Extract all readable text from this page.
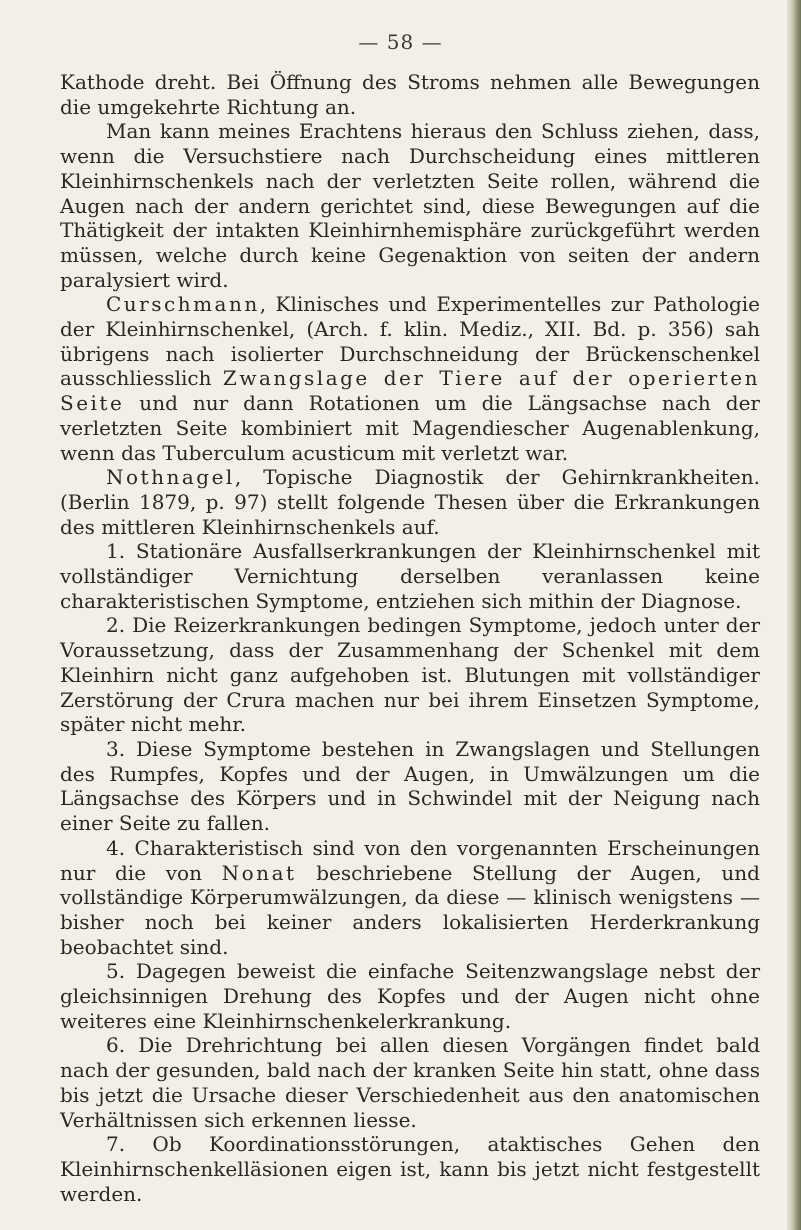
— 58 —

Kathode dreht. Bei Öffnung des Stroms nehmen alle Bewegungen die umgekehrte Richtung an.

Man kann meines Erachtens hieraus den Schluss ziehen, dass, wenn die Versuchstiere nach Durchscheidung eines mittleren Kleinhirnschenkels nach der verletzten Seite rollen, während die Augen nach der andern gerichtet sind, diese Bewegungen auf die Thätigkeit der intakten Kleinhirnhemisphäre zurückgeführt werden müssen, welche durch keine Gegenaktion von seiten der andern paralysiert wird.

Curschmann, Klinisches und Experimentelles zur Pathologie der Kleinhirnschenkel, (Arch. f. klin. Mediz., XII. Bd. p. 356) sah übrigens nach isolierter Durchschneidung der Brückenschenkel ausschliesslich Zwangslage der Tiere auf der operierten Seite und nur dann Rotationen um die Längsachse nach der verletzten Seite kombiniert mit Magendiescher Augenablenkung, wenn das Tuberculum acusticum mit verletzt war.

Nothnagel, Topische Diagnostik der Gehirnkrankheiten. (Berlin 1879, p. 97) stellt folgende Thesen über die Erkrankungen des mittleren Kleinhirnschenkels auf.

1. Stationäre Ausfallserkrankungen der Kleinhirnschenkel mit vollständiger Vernichtung derselben veranlassen keine charakteristischen Symptome, entziehen sich mithin der Diagnose.

2. Die Reizerkrankungen bedingen Symptome, jedoch unter der Voraussetzung, dass der Zusammenhang der Schenkel mit dem Kleinhirn nicht ganz aufgehoben ist. Blutungen mit vollständiger Zerstörung der Crura machen nur bei ihrem Einsetzen Symptome, später nicht mehr.

3. Diese Symptome bestehen in Zwangslagen und Stellungen des Rumpfes, Kopfes und der Augen, in Umwälzungen um die Längsachse des Körpers und in Schwindel mit der Neigung nach einer Seite zu fallen.

4. Charakteristisch sind von den vorgenannten Erscheinungen nur die von Nonat beschriebene Stellung der Augen, und vollständige Körperumwälzungen, da diese — klinisch wenigstens — bisher noch bei keiner anders lokalisierten Herderkrankung beobachtet sind.

5. Dagegen beweist die einfache Seitenzwangslage nebst der gleichsinnigen Drehung des Kopfes und der Augen nicht ohne weiteres eine Kleinhirnschenkelerkrankung.

6. Die Drehrichtung bei allen diesen Vorgängen findet bald nach der gesunden, bald nach der kranken Seite hin statt, ohne dass bis jetzt die Ursache dieser Verschiedenheit aus den anatomischen Verhältnissen sich erkennen liesse.

7. Ob Koordinationsstörungen, ataktisches Gehen den Kleinhirnschenkelläsionen eigen ist, kann bis jetzt nicht festgestellt werden.
